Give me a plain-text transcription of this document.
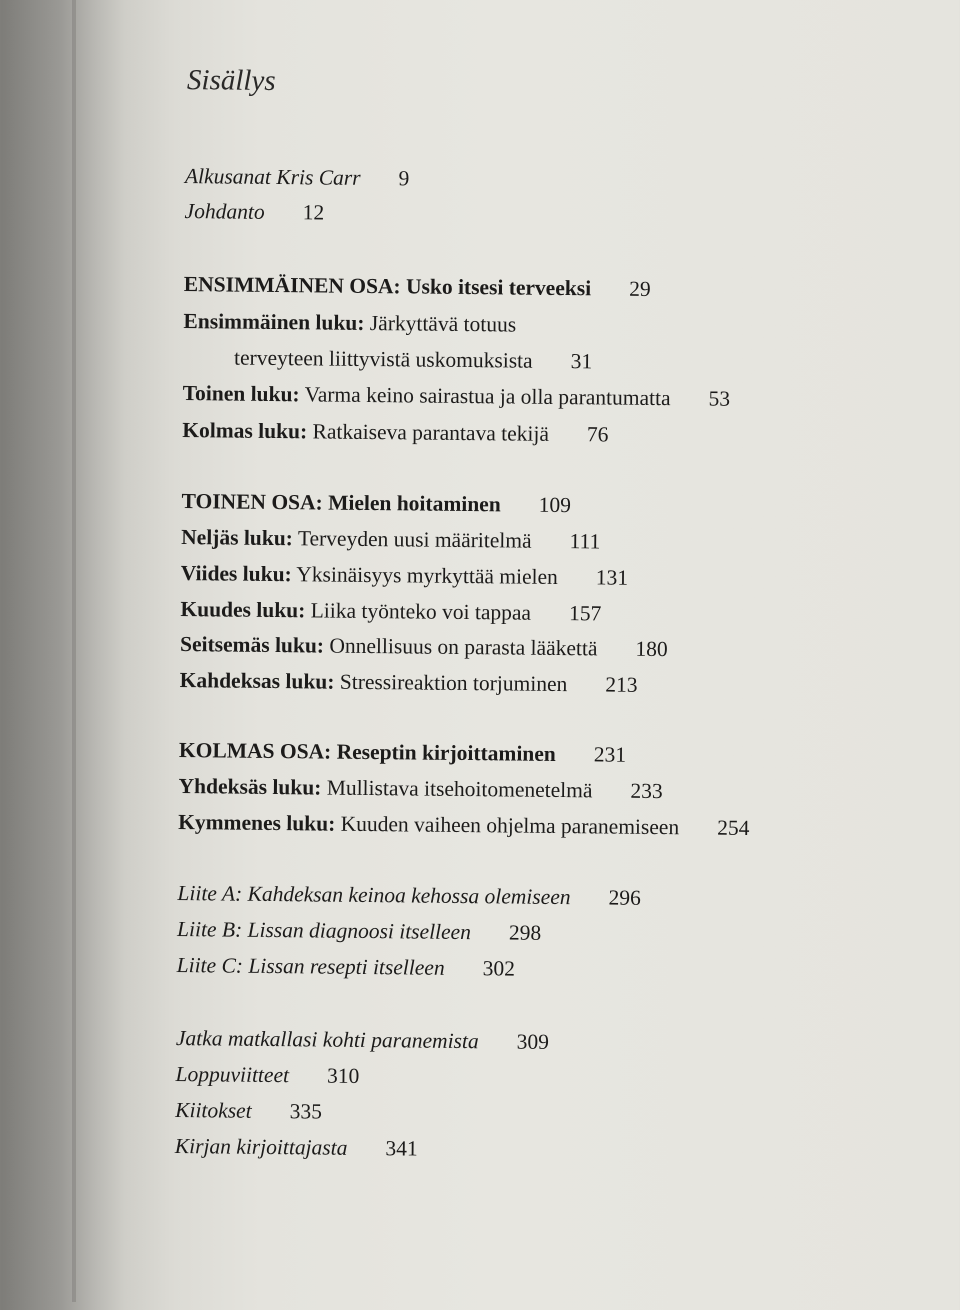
Sisällys
Alkusanat Kris Carr 9
Johdanto 12
ENSIMMÄINEN OSA: Usko itsesi terveeksi 29
Ensimmäinen luku: Järkyttävä totuus
terveyteen liittyvistä uskomuksista 31
Toinen luku: Varma keino sairastua ja olla parantumatta 53
Kolmas luku: Ratkaiseva parantava tekijä 76
TOINEN OSA: Mielen hoitaminen 109
Neljäs luku: Terveyden uusi määritelmä 111
Viides luku: Yksinäisyys myrkyttää mielen 131
Kuudes luku: Liika työnteko voi tappaa 157
Seitsemäs luku: Onnellisuus on parasta lääkettä 180
Kahdeksas luku: Stressireaktion torjuminen 213
KOLMAS OSA: Reseptin kirjoittaminen 231
Yhdeksäs luku: Mullistava itsehoitomenetelmä 233
Kymmenes luku: Kuuden vaiheen ohjelma paranemiseen 254
Liite A: Kahdeksan keinoa kehossa olemiseen 296
Liite B: Lissan diagnoosi itselleen 298
Liite C: Lissan resepti itselleen 302
Jatka matkallasi kohti paranemista 309
Loppuviitteet 310
Kiitokset 335
Kirjan kirjoittajasta 341
